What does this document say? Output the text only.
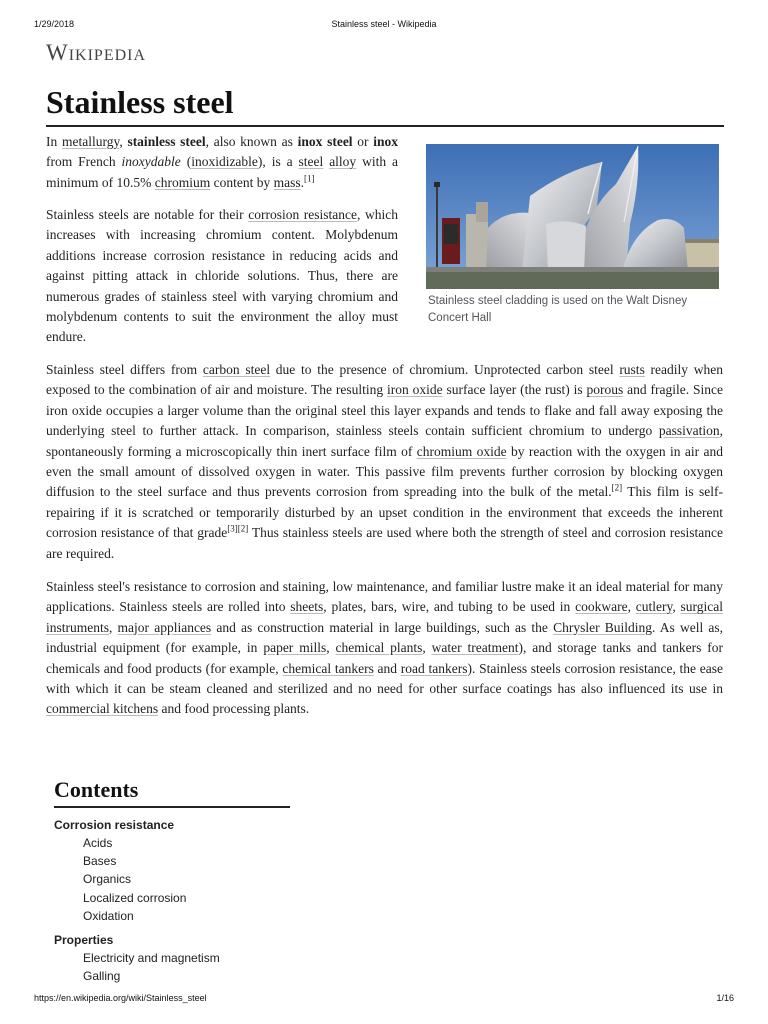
1/29/2018	Stainless steel - Wikipedia
Wikipedia
Stainless steel

In metallurgy, stainless steel, also known as inox steel or inox from French inoxydable (inoxidizable), is a steel alloy with a minimum of 10.5% chromium content by mass.[1]

Stainless steels are notable for their corrosion resistance, which increases with increasing chromium content. Molybdenum additions increase corrosion resistance in reducing acids and against pitting attack in chloride solutions. Thus, there are numerous grades of stainless steel with varying chromium and molybdenum contents to suit the environment the alloy must endure.

Stainless steel cladding is used on the Walt Disney Concert Hall

Stainless steel differs from carbon steel due to the presence of chromium. Unprotected carbon steel rusts readily when exposed to the combination of air and moisture. The resulting iron oxide surface layer (the rust) is porous and fragile. Since iron oxide occupies a larger volume than the original steel this layer expands and tends to flake and fall away exposing the underlying steel to further attack. In comparison, stainless steels contain sufficient chromium to undergo passivation, spontaneously forming a microscopically thin inert surface film of chromium oxide by reaction with the oxygen in air and even the small amount of dissolved oxygen in water. This passive film prevents further corrosion by blocking oxygen diffusion to the steel surface and thus prevents corrosion from spreading into the bulk of the metal.[2] This film is self-repairing if it is scratched or temporarily disturbed by an upset condition in the environment that exceeds the inherent corrosion resistance of that grade[3][2] Thus stainless steels are used where both the strength of steel and corrosion resistance are required.

Stainless steel's resistance to corrosion and staining, low maintenance, and familiar lustre make it an ideal material for many applications. Stainless steels are rolled into sheets, plates, bars, wire, and tubing to be used in cookware, cutlery, surgical instruments, major appliances and as construction material in large buildings, such as the Chrysler Building. As well as, industrial equipment (for example, in paper mills, chemical plants, water treatment), and storage tanks and tankers for chemicals and food products (for example, chemical tankers and road tankers). Stainless steels corrosion resistance, the ease with which it can be steam cleaned and sterilized and no need for other surface coatings has also influenced its use in commercial kitchens and food processing plants.

Contents
Corrosion resistance
Acids
Bases
Organics
Localized corrosion
Oxidation
Properties
Electricity and magnetism
Galling
https://en.wikipedia.org/wiki/Stainless_steel	1/16
